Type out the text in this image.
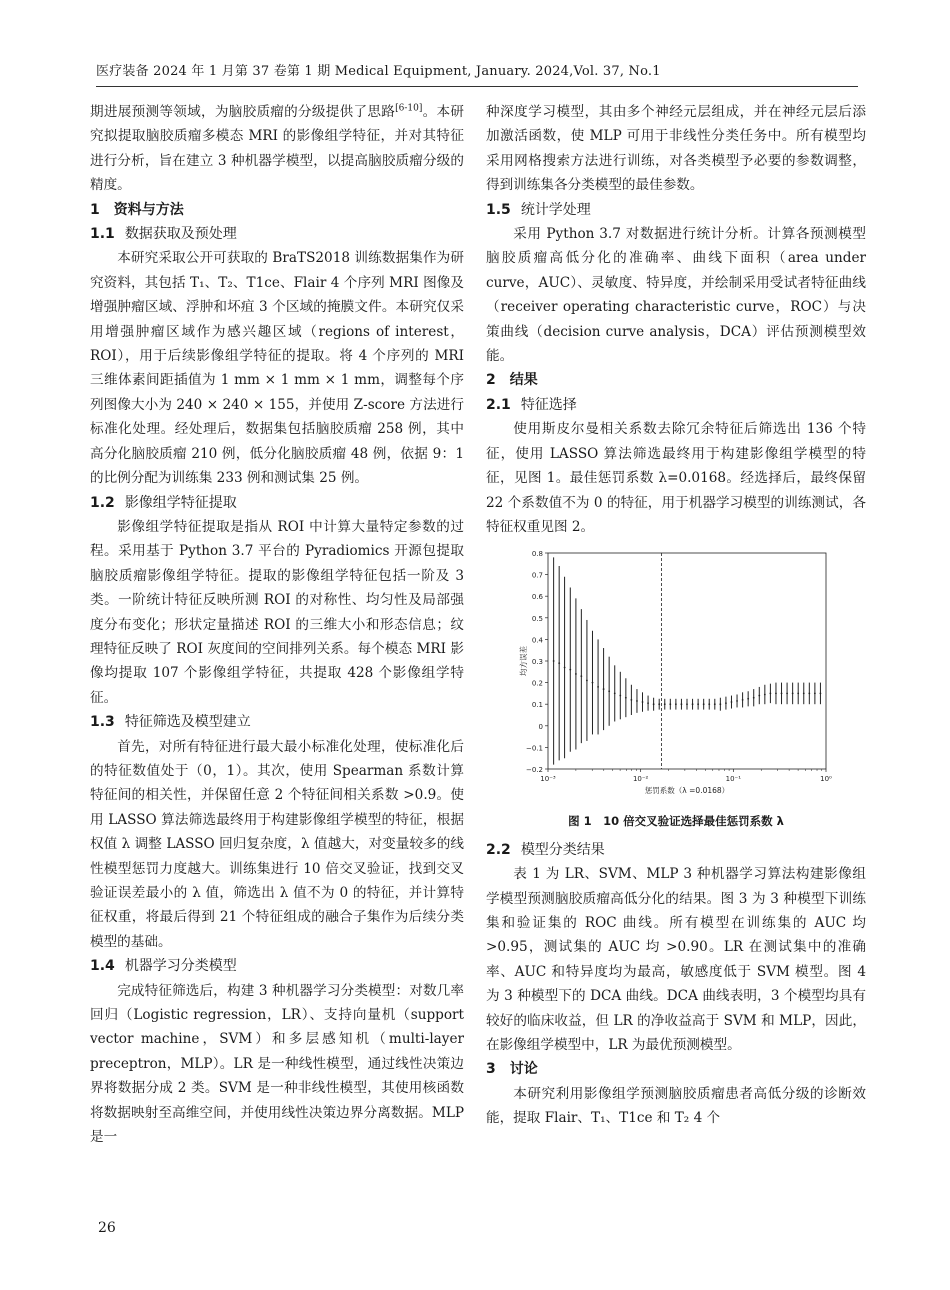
医疗装备 2024 年 1 月第 37 卷第 1 期 Medical Equipment, January. 2024,Vol. 37, No.1

期进展预测等领域，为脑胶质瘤的分级提供了思路[6-10]。本研究拟提取脑胶质瘤多模态 MRI 的影像组学特征，并对其特征进行分析，旨在建立 3 种机器学模型，以提高脑胶质瘤分级的精度。

1　资料与方法

1.1 数据获取及预处理

本研究采取公开可获取的 BraTS2018 训练数据集作为研究资料，其包括 T₁、T₂、T1ce、Flair 4 个序列 MRI 图像及增强肿瘤区域、浮肿和坏疽 3 个区域的掩膜文件。本研究仅采用增强肿瘤区域作为感兴趣区域（regions of interest，ROI），用于后续影像组学特征的提取。将 4 个序列的 MRI 三维体素间距插值为 1 mm × 1 mm × 1 mm，调整每个序列图像大小为 240 × 240 × 155，并使用 Z-score 方法进行标准化处理。经处理后，数据集包括脑胶质瘤 258 例，其中高分化脑胶质瘤 210 例，低分化脑胶质瘤 48 例，依据 9：1 的比例分配为训练集 233 例和测试集 25 例。

1.2 影像组学特征提取

影像组学特征提取是指从 ROI 中计算大量特定参数的过程。采用基于 Python 3.7 平台的 Pyradiomics 开源包提取脑胶质瘤影像组学特征。提取的影像组学特征包括一阶及 3 类。一阶统计特征反映所测 ROI 的对称性、均匀性及局部强度分布变化；形状定量描述 ROI 的三维大小和形态信息；纹理特征反映了 ROI 灰度间的空间排列关系。每个模态 MRI 影像均提取 107 个影像组学特征，共提取 428 个影像组学特征。

1.3 特征筛选及模型建立

首先，对所有特征进行最大最小标准化处理，使标准化后的特征数值处于（0，1）。其次，使用 Spearman 系数计算特征间的相关性，并保留任意 2 个特征间相关系数 >0.9。使用 LASSO 算法筛选最终用于构建影像组学模型的特征，根据权值 λ 调整 LASSO 回归复杂度，λ 值越大，对变量较多的线性模型惩罚力度越大。训练集进行 10 倍交叉验证，找到交叉验证误差最小的 λ 值，筛选出 λ 值不为 0 的特征，并计算特征权重，将最后得到 21 个特征组成的融合子集作为后续分类模型的基础。

1.4 机器学习分类模型

完成特征筛选后，构建 3 种机器学习分类模型：对数几率回归（Logistic regression，LR）、支持向量机（support vector machine，SVM）和多层感知机（multi-layer preceptron，MLP）。LR 是一种线性模型，通过线性决策边界将数据分成 2 类。SVM 是一种非线性模型，其使用核函数将数据映射至高维空间，并使用线性决策边界分离数据。MLP 是一

种深度学习模型，其由多个神经元层组成，并在神经元层后添加激活函数，使 MLP 可用于非线性分类任务中。所有模型均采用网格搜索方法进行训练，对各类模型予必要的参数调整，得到训练集各分类模型的最佳参数。

1.5 统计学处理

采用 Python 3.7 对数据进行统计分析。计算各预测模型脑胶质瘤高低分化的准确率、曲线下面积（area under curve，AUC）、灵敏度、特异度，并绘制采用受试者特征曲线（receiver operating characteristic curve，ROC）与决策曲线（decision curve analysis，DCA）评估预测模型效能。

2　结果

2.1 特征选择

使用斯皮尔曼相关系数去除冗余特征后筛选出 136 个特征，使用 LASSO 算法筛选最终用于构建影像组学模型的特征，见图 1。最佳惩罚系数 λ=0.0168。经选择后，最终保留 22 个系数值不为 0 的特征，用于机器学习模型的训练测试，各特征权重见图 2。

0.8
0.7
0.6
0.5
0.4
0.3
0.2
0.1
0
−0.1
−0.2
10⁻³	10⁻²	10⁻¹	10⁰
惩罚系数（λ =0.0168）
均方误差

图 1　10 倍交叉验证选择最佳惩罚系数 λ

2.2 模型分类结果

表 1 为 LR、SVM、MLP 3 种机器学习算法构建影像组学模型预测脑胶质瘤高低分化的结果。图 3 为 3 种模型下训练集和验证集的 ROC 曲线。所有模型在训练集的 AUC 均 >0.95，测试集的 AUC 均 >0.90。LR 在测试集中的准确率、AUC 和特异度均为最高，敏感度低于 SVM 模型。图 4 为 3 种模型下的 DCA 曲线。DCA 曲线表明，3 个模型均具有较好的临床收益，但 LR 的净收益高于 SVM 和 MLP，因此，在影像组学模型中，LR 为最优预测模型。

3　讨论

本研究利用影像组学预测脑胶质瘤患者高低分级的诊断效能，提取 Flair、T₁、T1ce 和 T₂ 4 个

26
